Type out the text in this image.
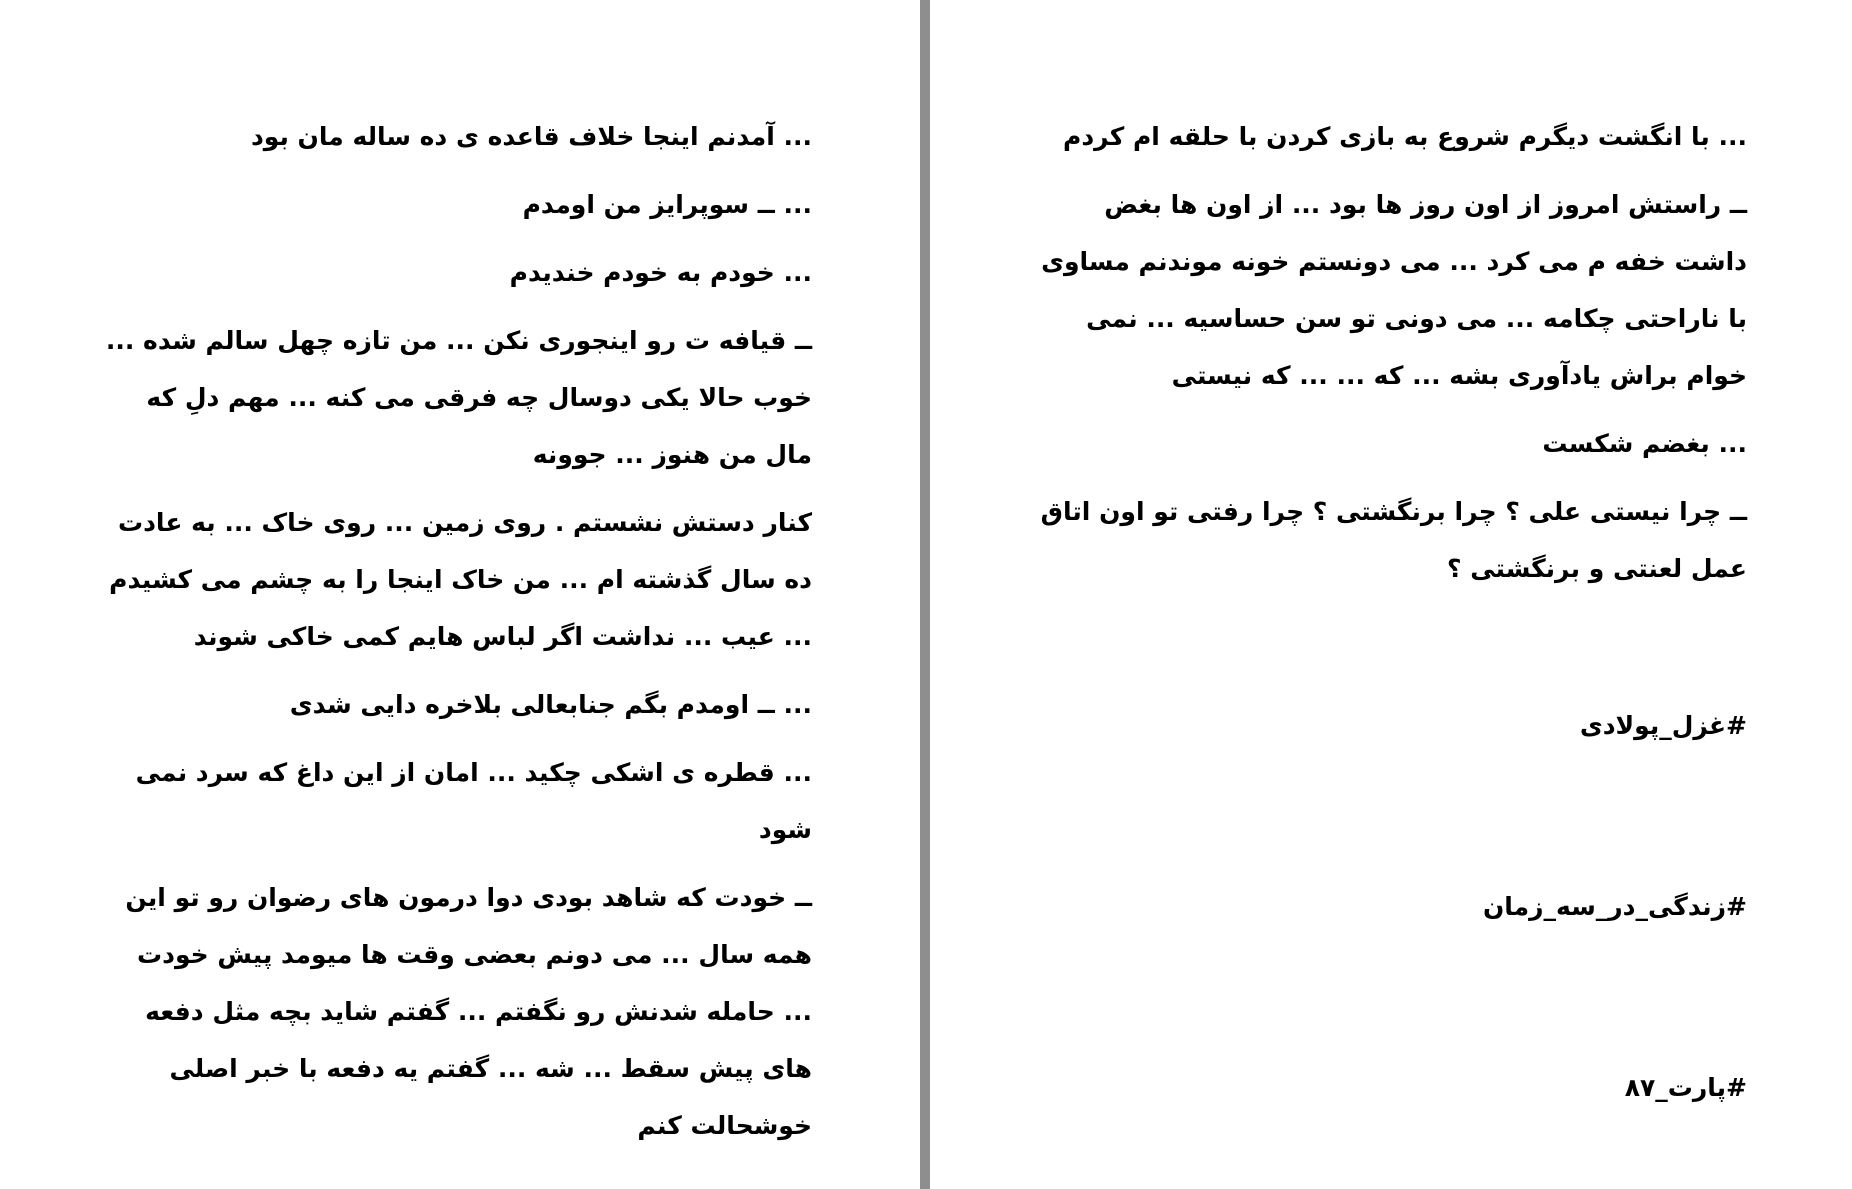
... آمدنم اینجا خلاف قاعده ی ده ساله مان بود

... ــ سوپرایز من اومدم

... خودم به خودم خندیدم

ــ قیافه ت رو اینجوری نکن ... من تازه چهل سالم شده ... خوب حالا یکی دوسال چه فرقی می کنه ... مهم دلِ که مال من هنوز ... جوونه

کنار دستش نشستم . روی زمین ... روی خاک ... به عادت ده سال گذشته ام ... من خاک اینجا را به چشم می کشیدم ... عیب ... نداشت اگر لباس هایم کمی خاکی شوند

... ــ اومدم بگم جنابعالی بلاخره دایی شدی

... قطره ی اشکی چکید ... امان از این داغ که سرد نمی شود

ــ خودت که شاهد بودی دوا درمون های رضوان رو تو این همه سال ... می دونم بعضی وقت ها میومد پیش خودت ... حامله شدنش رو نگفتم ... گفتم شاید بچه مثل دفعه های پیش سقط ... شه ... گفتم یه دفعه با خبر اصلی خوشحالت کنم

... با انگشت دیگرم شروع به بازی کردن با حلقه ام کردم

ــ راستش امروز از اون روز ها بود ... از اون ها بغض داشت خفه م می کرد ... می دونستم خونه موندنم مساوی با ناراحتی چکامه ... می دونی تو سن حساسیه ... نمی خوام براش یادآوری بشه ... که ... ... که نیستی

... بغضم شکست

ــ چرا نیستی علی ؟ چرا برنگشتی ؟ چرا رفتی تو اون اتاق عمل لعنتی و برنگشتی ؟

#غزل_پولادی

#زندگی_در_سه_زمان

#پارت_۸۷
